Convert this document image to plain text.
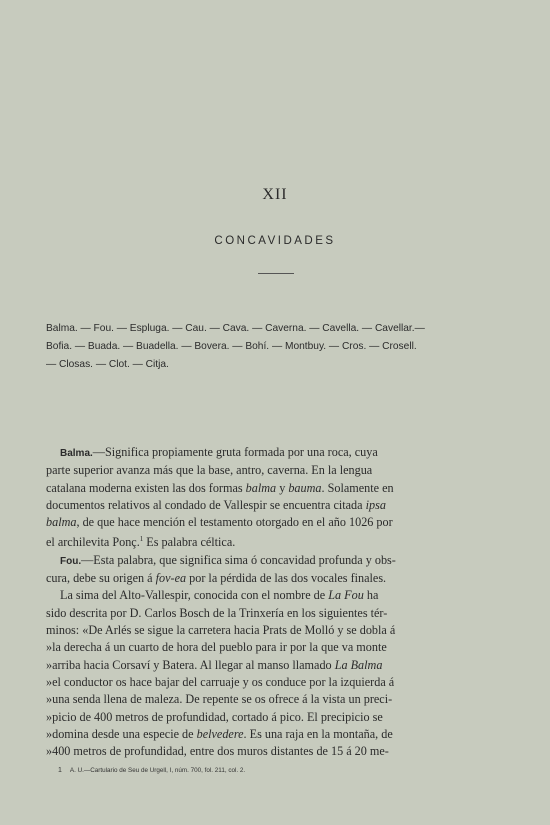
XII
CONCAVIDADES
Balma. — Fou. — Espluga. — Cau. — Cava. — Caverna. — Cavella. — Cavellar.—
Bofia. — Buada. — Buadella. — Bovera. — Bohí. — Montbuy. — Cros. — Crosell.
— Closas. — Clot. — Citja.
Balma.—Significa propiamente gruta formada por una roca, cuya
parte superior avanza más que la base, antro, caverna. En la lengua
catalana moderna existen las dos formas balma y bauma. Solamente en
documentos relativos al condado de Vallespir se encuentra citada ipsa
balma, de que hace mención el testamento otorgado en el año 1026 por
el archilevita Ponç.$^1$ Es palabra céltica.
Fou.—Esta palabra, que significa sima ó concavidad profunda y obs-
cura, debe su origen á fov-ea por la pérdida de las dos vocales finales.
La sima del Alto-Vallespir, conocida con el nombre de La Fou ha
sido descrita por D. Carlos Bosch de la Trinxería en los siguientes tér-
minos: «De Arlés se sigue la carretera hacia Prats de Molló y se dobla á
»la derecha á un cuarto de hora del pueblo para ir por la que va monte
»arriba hacia Corsaví y Batera. Al llegar al manso llamado La Balma
»el conductor os hace bajar del carruaje y os conduce por la izquierda á
»una senda llena de maleza. De repente se os ofrece á la vista un preci-
»picio de 400 metros de profundidad, cortado á pico. El precipicio se
»domina desde una especie de belvedere. Es una raja en la montaña, de
»400 metros de profundidad, entre dos muros distantes de 15 á 20 me-
1 A. U.—Cartulario de Seu de Urgell, I, núm. 700, fol. 211, col. 2.
